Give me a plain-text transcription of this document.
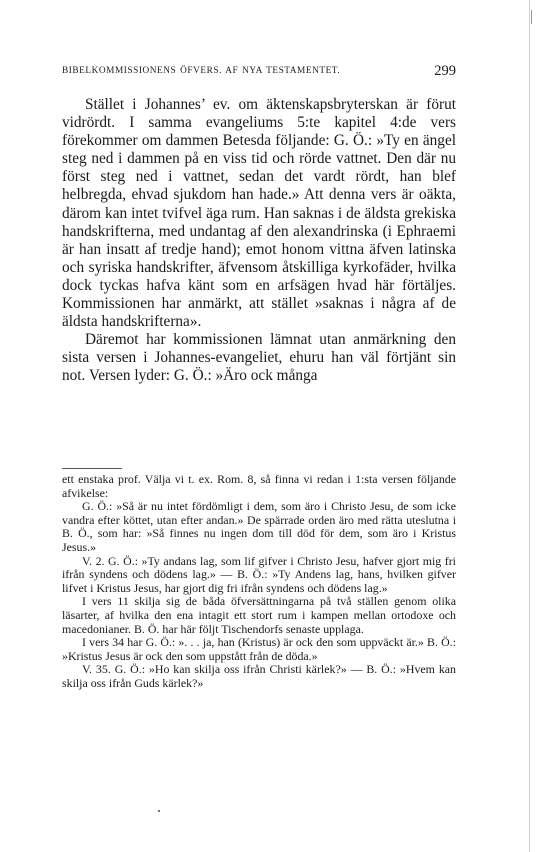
BIBELKOMMISSIONENS ÖFVERS. AF NYA TESTAMENTET.	299

Stället i Johannes’ ev. om äktenskapsbryterskan är förut vidrördt. I samma evangeliums 5:te kapitel 4:de vers förekommer om dammen Betesda följande: G. Ö.: »Ty en ängel steg ned i dammen på en viss tid och rörde vattnet. Den där nu först steg ned i vattnet, sedan det vardt rördt, han blef helbregda, ehvad sjukdom han hade.» Att denna vers är oäkta, därom kan intet tvifvel äga rum. Han saknas i de äldsta grekiska handskrifterna, med undantag af den alexandrinska (i Ephraemi är han insatt af tredje hand); emot honom vittna äfven latinska och syriska handskrifter, äfvensom åtskilliga kyrkofäder, hvilka dock tyckas hafva känt som en arfsägen hvad här förtäljes. Kommissionen har anmärkt, att stället »saknas i några af de äldsta handskrifterna».

Däremot har kommissionen lämnat utan anmärkning den sista versen i Johannes-evangeliet, ehuru han väl förtjänt sin not. Versen lyder: G. Ö.: »Äro ock många

ett enstaka prof. Välja vi t. ex. Rom. 8, så finna vi redan i 1:sta versen följande afvikelse:

G. Ö.: »Så är nu intet fördömligt i dem, som äro i Christo Jesu, de som icke vandra efter köttet, utan efter andan.» De spärrade orden äro med rätta uteslutna i B. Ö., som har: »Så finnes nu ingen dom till död för dem, som äro i Kristus Jesus.»

V. 2. G. Ö.: »Ty andans lag, som lif gifver i Christo Jesu, hafver gjort mig fri ifrån syndens och dödens lag.» — B. Ö.: »Ty Andens lag, hans, hvilken gifver lifvet i Kristus Jesus, har gjort dig fri ifrån syndens och dödens lag.»

I vers 11 skilja sig de båda öfversättningarna på två ställen genom olika läsarter, af hvilka den ena intagit ett stort rum i kampen mellan ortodoxe och macedonianer. B. Ö. har här följt Tischendorfs senaste upplaga.

I vers 34 har G. Ö.: ». . . ja, han (Kristus) är ock den som uppväckt är.» B. Ö.: »Kristus Jesus är ock den som uppstått från de döda.»

V. 35. G. Ö.: »Ho kan skilja oss ifrån Christi kärlek?» — B. Ö.: »Hvem kan skilja oss ifrån Guds kärlek?»
